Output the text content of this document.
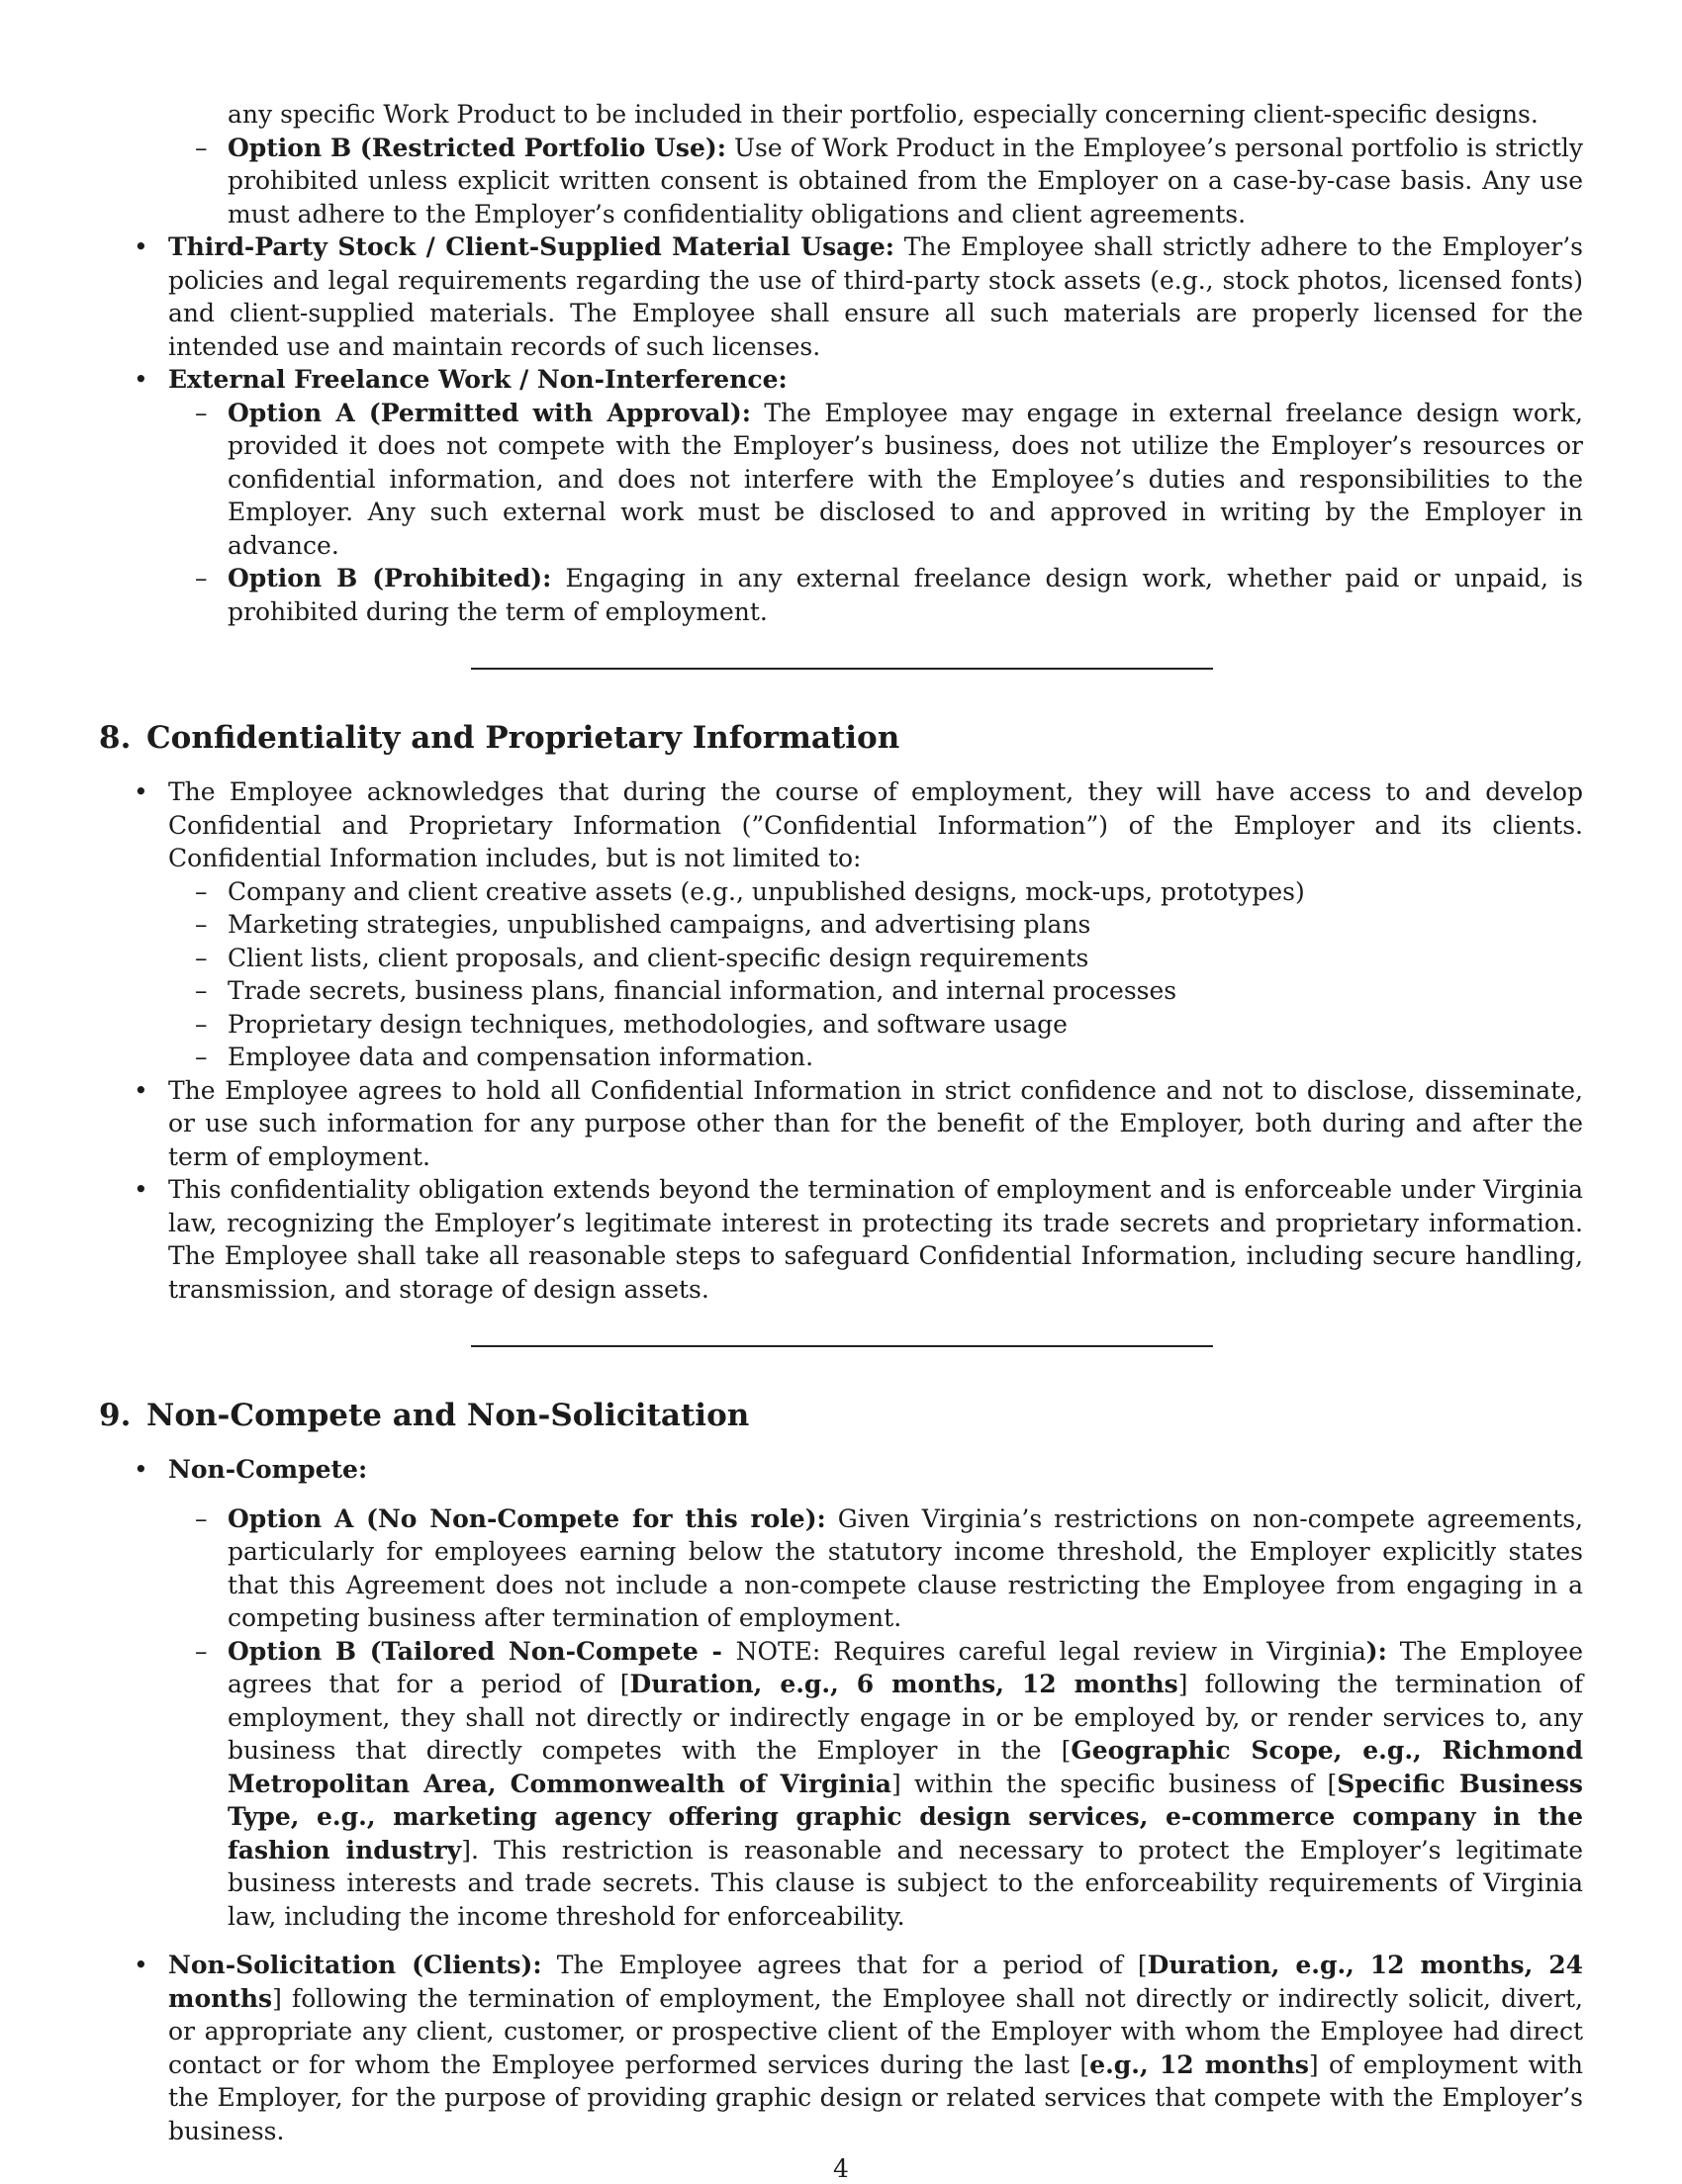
any specific Work Product to be included in their portfolio, especially concerning client-specific designs.

– Option B (Restricted Portfolio Use): Use of Work Product in the Employee’s personal portfolio is strictly prohibited unless explicit written consent is obtained from the Employer on a case-by-case basis. Any use must adhere to the Employer’s confidentiality obligations and client agreements.
• Third-Party Stock / Client-Supplied Material Usage: The Employee shall strictly adhere to the Employer’s policies and legal requirements regarding the use of third-party stock assets (e.g., stock photos, licensed fonts) and client-supplied materials. The Employee shall ensure all such materials are properly licensed for the intended use and maintain records of such licenses.
• External Freelance Work / Non-Interference:
– Option A (Permitted with Approval): The Employee may engage in external freelance design work, provided it does not compete with the Employer’s business, does not utilize the Employer’s resources or confidential information, and does not interfere with the Employee’s duties and responsibilities to the Employer. Any such external work must be disclosed to and approved in writing by the Employer in advance.
– Option B (Prohibited): Engaging in any external freelance design work, whether paid or unpaid, is prohibited during the term of employment.
8. Confidentiality and Proprietary Information
• The Employee acknowledges that during the course of employment, they will have access to and develop Confidential and Proprietary Information (”Confidential Information”) of the Employer and its clients. Confidential Information includes, but is not limited to:
– Company and client creative assets (e.g., unpublished designs, mock-ups, prototypes)
– Marketing strategies, unpublished campaigns, and advertising plans
– Client lists, client proposals, and client-specific design requirements
– Trade secrets, business plans, financial information, and internal processes
– Proprietary design techniques, methodologies, and software usage
– Employee data and compensation information.
• The Employee agrees to hold all Confidential Information in strict confidence and not to disclose, disseminate, or use such information for any purpose other than for the benefit of the Employer, both during and after the term of employment.
• This confidentiality obligation extends beyond the termination of employment and is enforceable under Virginia law, recognizing the Employer’s legitimate interest in protecting its trade secrets and proprietary information. The Employee shall take all reasonable steps to safeguard Confidential Information, including secure handling, transmission, and storage of design assets.
9. Non-Compete and Non-Solicitation
• Non-Compete:
– Option A (No Non-Compete for this role): Given Virginia’s restrictions on non-compete agreements, particularly for employees earning below the statutory income threshold, the Employer explicitly states that this Agreement does not include a non-compete clause restricting the Employee from engaging in a competing business after termination of employment.
– Option B (Tailored Non-Compete - NOTE: Requires careful legal review in Virginia): The Employee agrees that for a period of [Duration, e.g., 6 months, 12 months] following the termination of employment, they shall not directly or indirectly engage in or be employed by, or render services to, any business that directly competes with the Employer in the [Geographic Scope, e.g., Richmond Metropolitan Area, Commonwealth of Virginia] within the specific business of [Specific Business Type, e.g., marketing agency offering graphic design services, e-commerce company in the fashion industry]. This restriction is reasonable and necessary to protect the Employer’s legitimate business interests and trade secrets. This clause is subject to the enforceability requirements of Virginia law, including the income threshold for enforceability.
• Non-Solicitation (Clients): The Employee agrees that for a period of [Duration, e.g., 12 months, 24 months] following the termination of employment, the Employee shall not directly or indirectly solicit, divert, or appropriate any client, customer, or prospective client of the Employer with whom the Employee had direct contact or for whom the Employee performed services during the last [e.g., 12 months] of employment with the Employer, for the purpose of providing graphic design or related services that compete with the Employer’s business.
4
